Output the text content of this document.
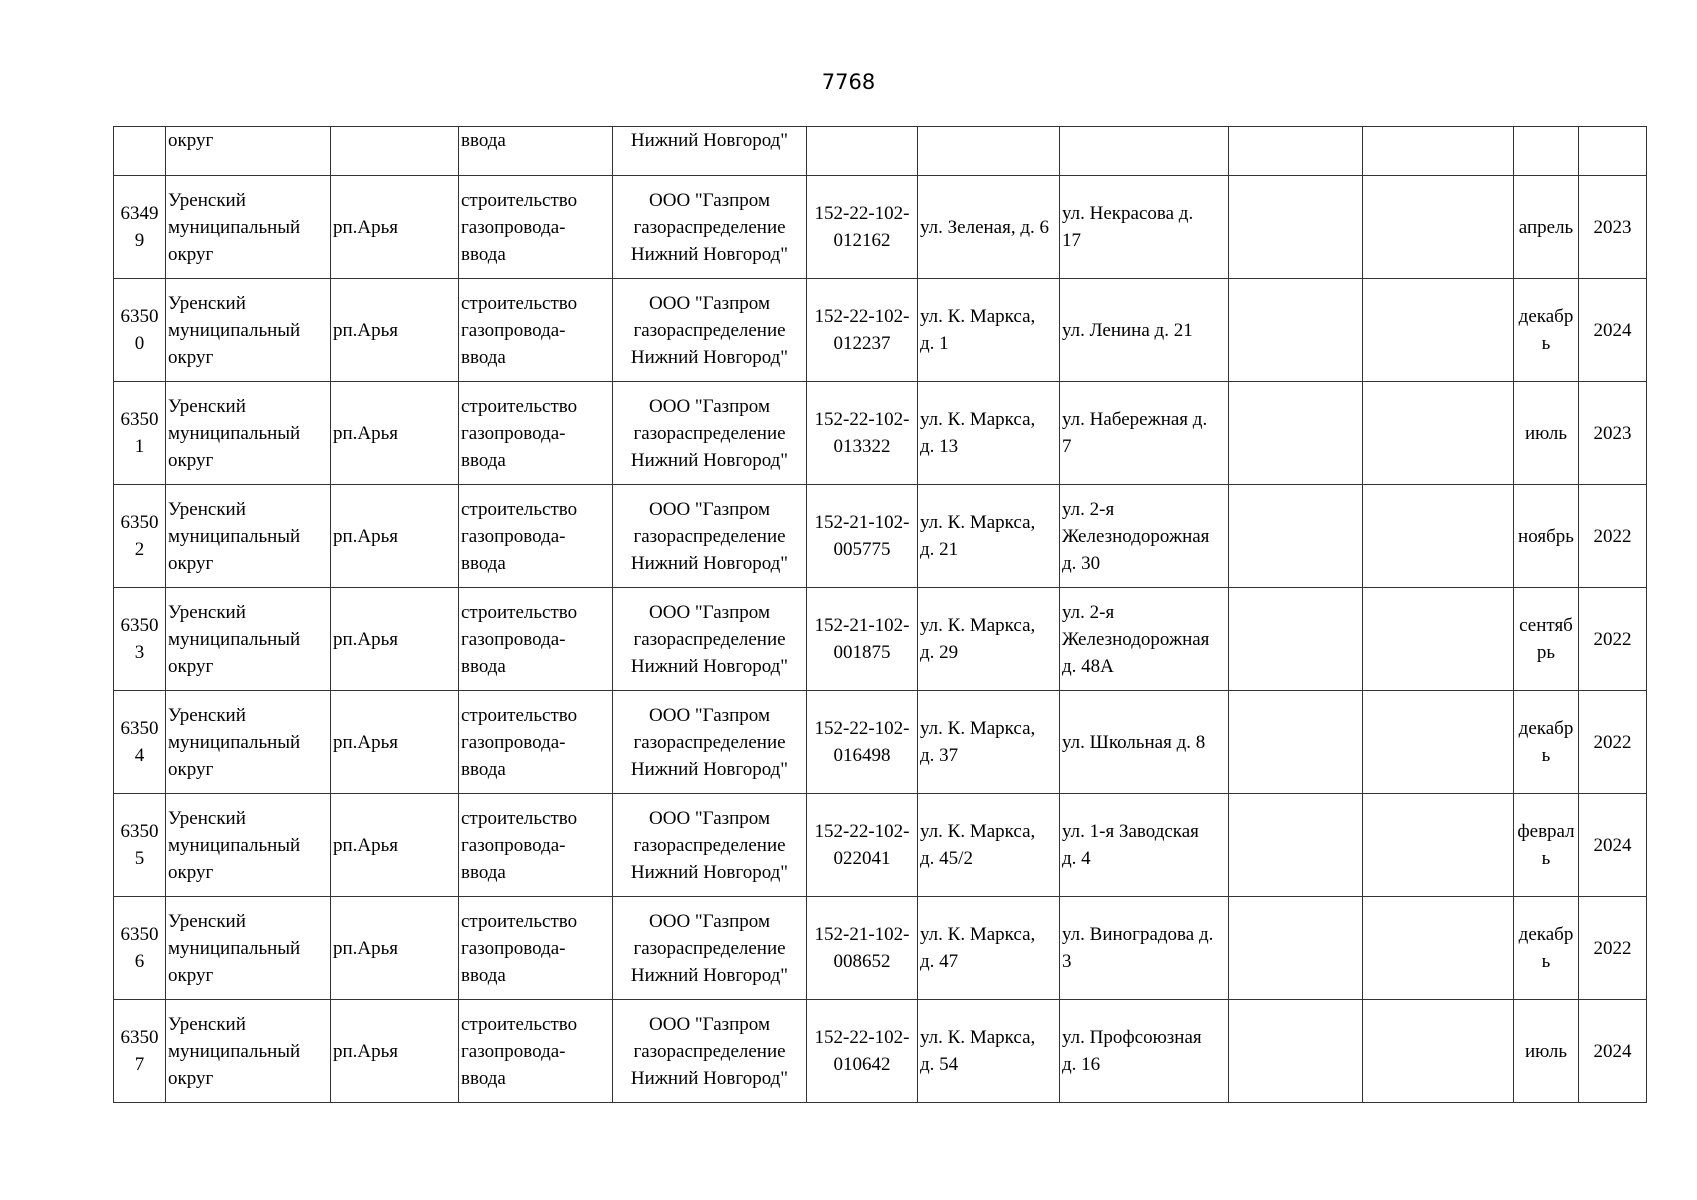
7768
	округ		ввода	Нижний Новгород"							

6349
9	Уренский
муниципальный
округ	рп.Арья	строительство
газопровода-
ввода	ООО "Газпром
газораспределение
Нижний Новгород"	152-22-102-
012162	ул. Зеленая, д. 6	ул. Некрасова д.
17			апрель	2023

6350
0	Уренский
муниципальный
округ	рп.Арья	строительство
газопровода-
ввода	ООО "Газпром
газораспределение
Нижний Новгород"	152-22-102-
012237	ул. К. Маркса,
д. 1	ул. Ленина д. 21			декабр
ь	2024

6350
1	Уренский
муниципальный
округ	рп.Арья	строительство
газопровода-
ввода	ООО "Газпром
газораспределение
Нижний Новгород"	152-22-102-
013322	ул. К. Маркса,
д. 13	ул. Набережная д.
7			июль	2023

6350
2	Уренский
муниципальный
округ	рп.Арья	строительство
газопровода-
ввода	ООО "Газпром
газораспределение
Нижний Новгород"	152-21-102-
005775	ул. К. Маркса,
д. 21	ул. 2-я
Железнодорожная
д. 30			ноябрь	2022

6350
3	Уренский
муниципальный
округ	рп.Арья	строительство
газопровода-
ввода	ООО "Газпром
газораспределение
Нижний Новгород"	152-21-102-
001875	ул. К. Маркса,
д. 29	ул. 2-я
Железнодорожная
д. 48А			сентяб
рь	2022

6350
4	Уренский
муниципальный
округ	рп.Арья	строительство
газопровода-
ввода	ООО "Газпром
газораспределение
Нижний Новгород"	152-22-102-
016498	ул. К. Маркса,
д. 37	ул. Школьная д. 8			декабр
ь	2022

6350
5	Уренский
муниципальный
округ	рп.Арья	строительство
газопровода-
ввода	ООО "Газпром
газораспределение
Нижний Новгород"	152-22-102-
022041	ул. К. Маркса,
д. 45/2	ул. 1-я Заводская
д. 4			феврал
ь	2024

6350
6	Уренский
муниципальный
округ	рп.Арья	строительство
газопровода-
ввода	ООО "Газпром
газораспределение
Нижний Новгород"	152-21-102-
008652	ул. К. Маркса,
д. 47	ул. Виноградова д.
3			декабр
ь	2022

6350
7	Уренский
муниципальный
округ	рп.Арья	строительство
газопровода-
ввода	ООО "Газпром
газораспределение
Нижний Новгород"	152-22-102-
010642	ул. К. Маркса,
д. 54	ул. Профсоюзная
д. 16			июль	2024
